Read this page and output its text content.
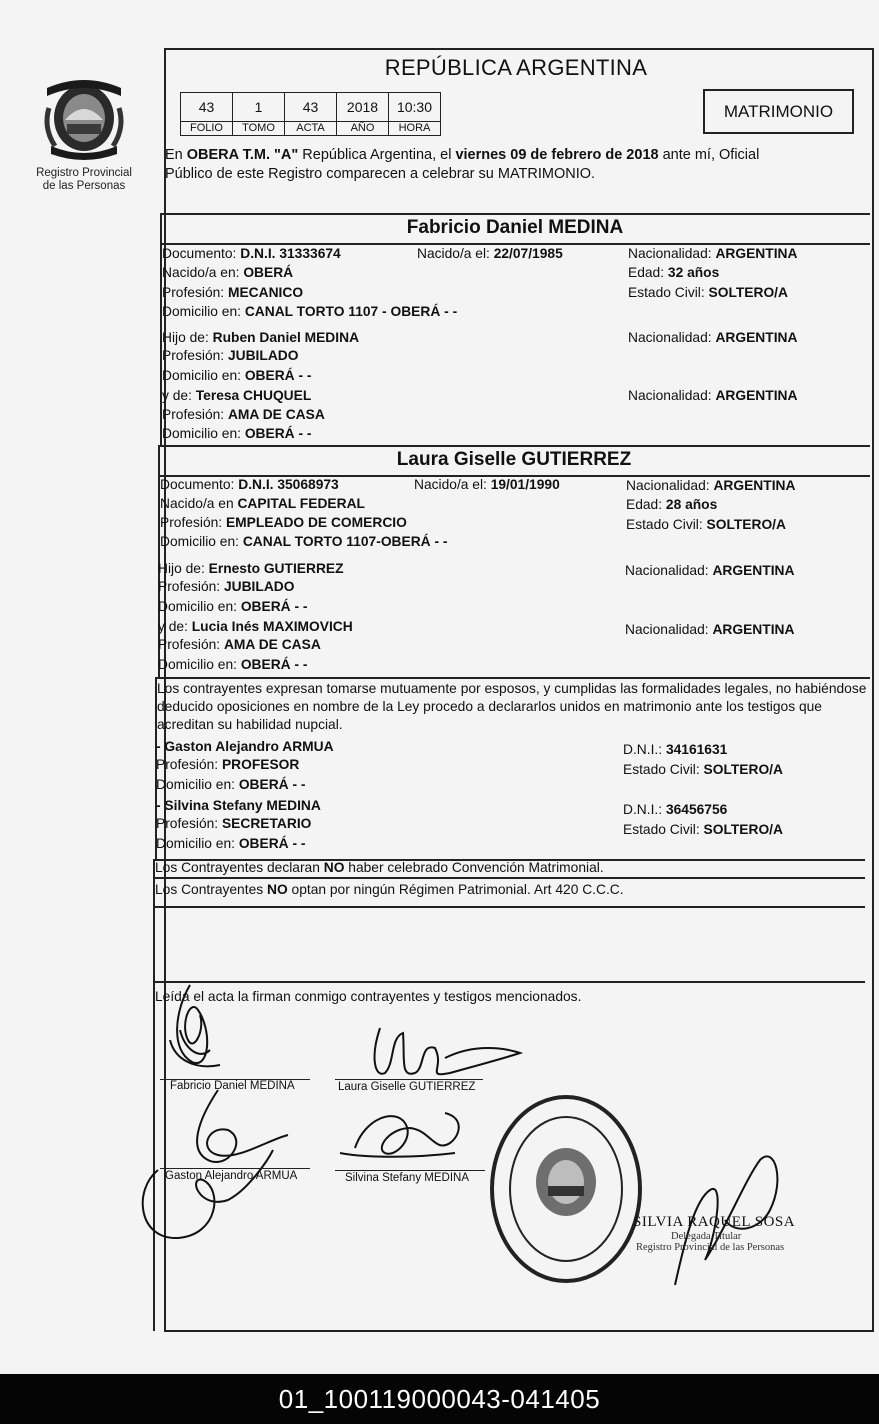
Registro Provincial
de las Personas
REPÚBLICA ARGENTINA
43	1	43	2018	10:30
FOLIO	TOMO	ACTA	AÑO	HORA
MATRIMONIO
En OBERA T.M. "A" República Argentina, el viernes 09 de febrero de 2018 ante mí, Oficial
Público de este Registro comparecen a celebrar su MATRIMONIO.
Fabricio Daniel MEDINA
Documento: D.N.I. 31333674	Nacido/a el: 22/07/1985	Nacionalidad: ARGENTINA
Nacido/a en: OBERÁ	Edad: 32 años
Profesión: MECANICO	Estado Civil: SOLTERO/A
Domicilio en: CANAL TORTO 1107 - OBERÁ - -
Hijo de: Ruben Daniel MEDINA	Nacionalidad: ARGENTINA
Profesión: JUBILADO
Domicilio en: OBERÁ - -
y de: Teresa CHUQUEL	Nacionalidad: ARGENTINA
Profesión: AMA DE CASA
Domicilio en: OBERÁ - -
Laura Giselle GUTIERREZ
Documento: D.N.I. 35068973	Nacido/a el: 19/01/1990	Nacionalidad: ARGENTINA
Nacido/a en CAPITAL FEDERAL	Edad: 28 años
Profesión: EMPLEADO DE COMERCIO	Estado Civil: SOLTERO/A
Domicilio en: CANAL TORTO 1107-OBERÁ - -
Hijo de: Ernesto GUTIERREZ	Nacionalidad: ARGENTINA
Profesión: JUBILADO
Domicilio en: OBERÁ - -
y de: Lucia Inés MAXIMOVICH	Nacionalidad: ARGENTINA
Profesión: AMA DE CASA
Domicilio en: OBERÁ - -
Los contrayentes expresan tomarse mutuamente por esposos, y cumplidas las formalidades legales, no habiéndose deducido oposiciones en nombre de la Ley procedo a declararlos unidos en matrimonio ante los testigos que acreditan su habilidad nupcial.
- Gaston Alejandro ARMUA	D.N.I.: 34161631
Profesión: PROFESOR	Estado Civil: SOLTERO/A
Domicilio en: OBERÁ - -
- Silvina Stefany MEDINA	D.N.I.: 36456756
Profesión: SECRETARIO	Estado Civil: SOLTERO/A
Domicilio en: OBERÁ - -
Los Contrayentes declaran NO haber celebrado Convención Matrimonial.
Los Contrayentes NO optan por ningún Régimen Patrimonial. Art 420 C.C.C.
Leída el acta la firman conmigo contrayentes y testigos mencionados.
Fabricio Daniel MEDINA	Laura Giselle GUTIERREZ
Gaston Alejandro ARMUA	Silvina Stefany MEDINA
SILVIA RAQUEL SOSA
Delegada Titular
Registro Provincial de las Personas
01_100119000043-041405
